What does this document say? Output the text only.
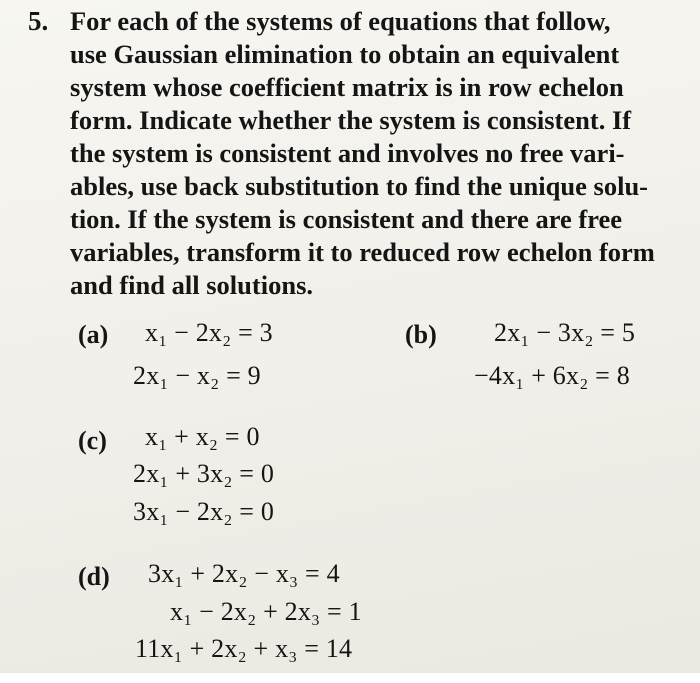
5. For each of the systems of equations that follow,
use Gaussian elimination to obtain an equivalent
system whose coefficient matrix is in row echelon
form. Indicate whether the system is consistent. If
the system is consistent and involves no free vari-
ables, use back substitution to find the unique solu-
tion. If the system is consistent and there are free
variables, transform it to reduced row echelon form
and find all solutions.
(a) x₁ − 2x₂ = 3
2x₁ − x₂ = 9
(b) 2x₁ − 3x₂ = 5
−4x₁ + 6x₂ = 8
(c) x₁ + x₂ = 0
2x₁ + 3x₂ = 0
3x₁ − 2x₂ = 0
(d) 3x₁ + 2x₂ − x₃ = 4
x₁ − 2x₂ + 2x₃ = 1
11x₁ + 2x₂ + x₃ = 14
